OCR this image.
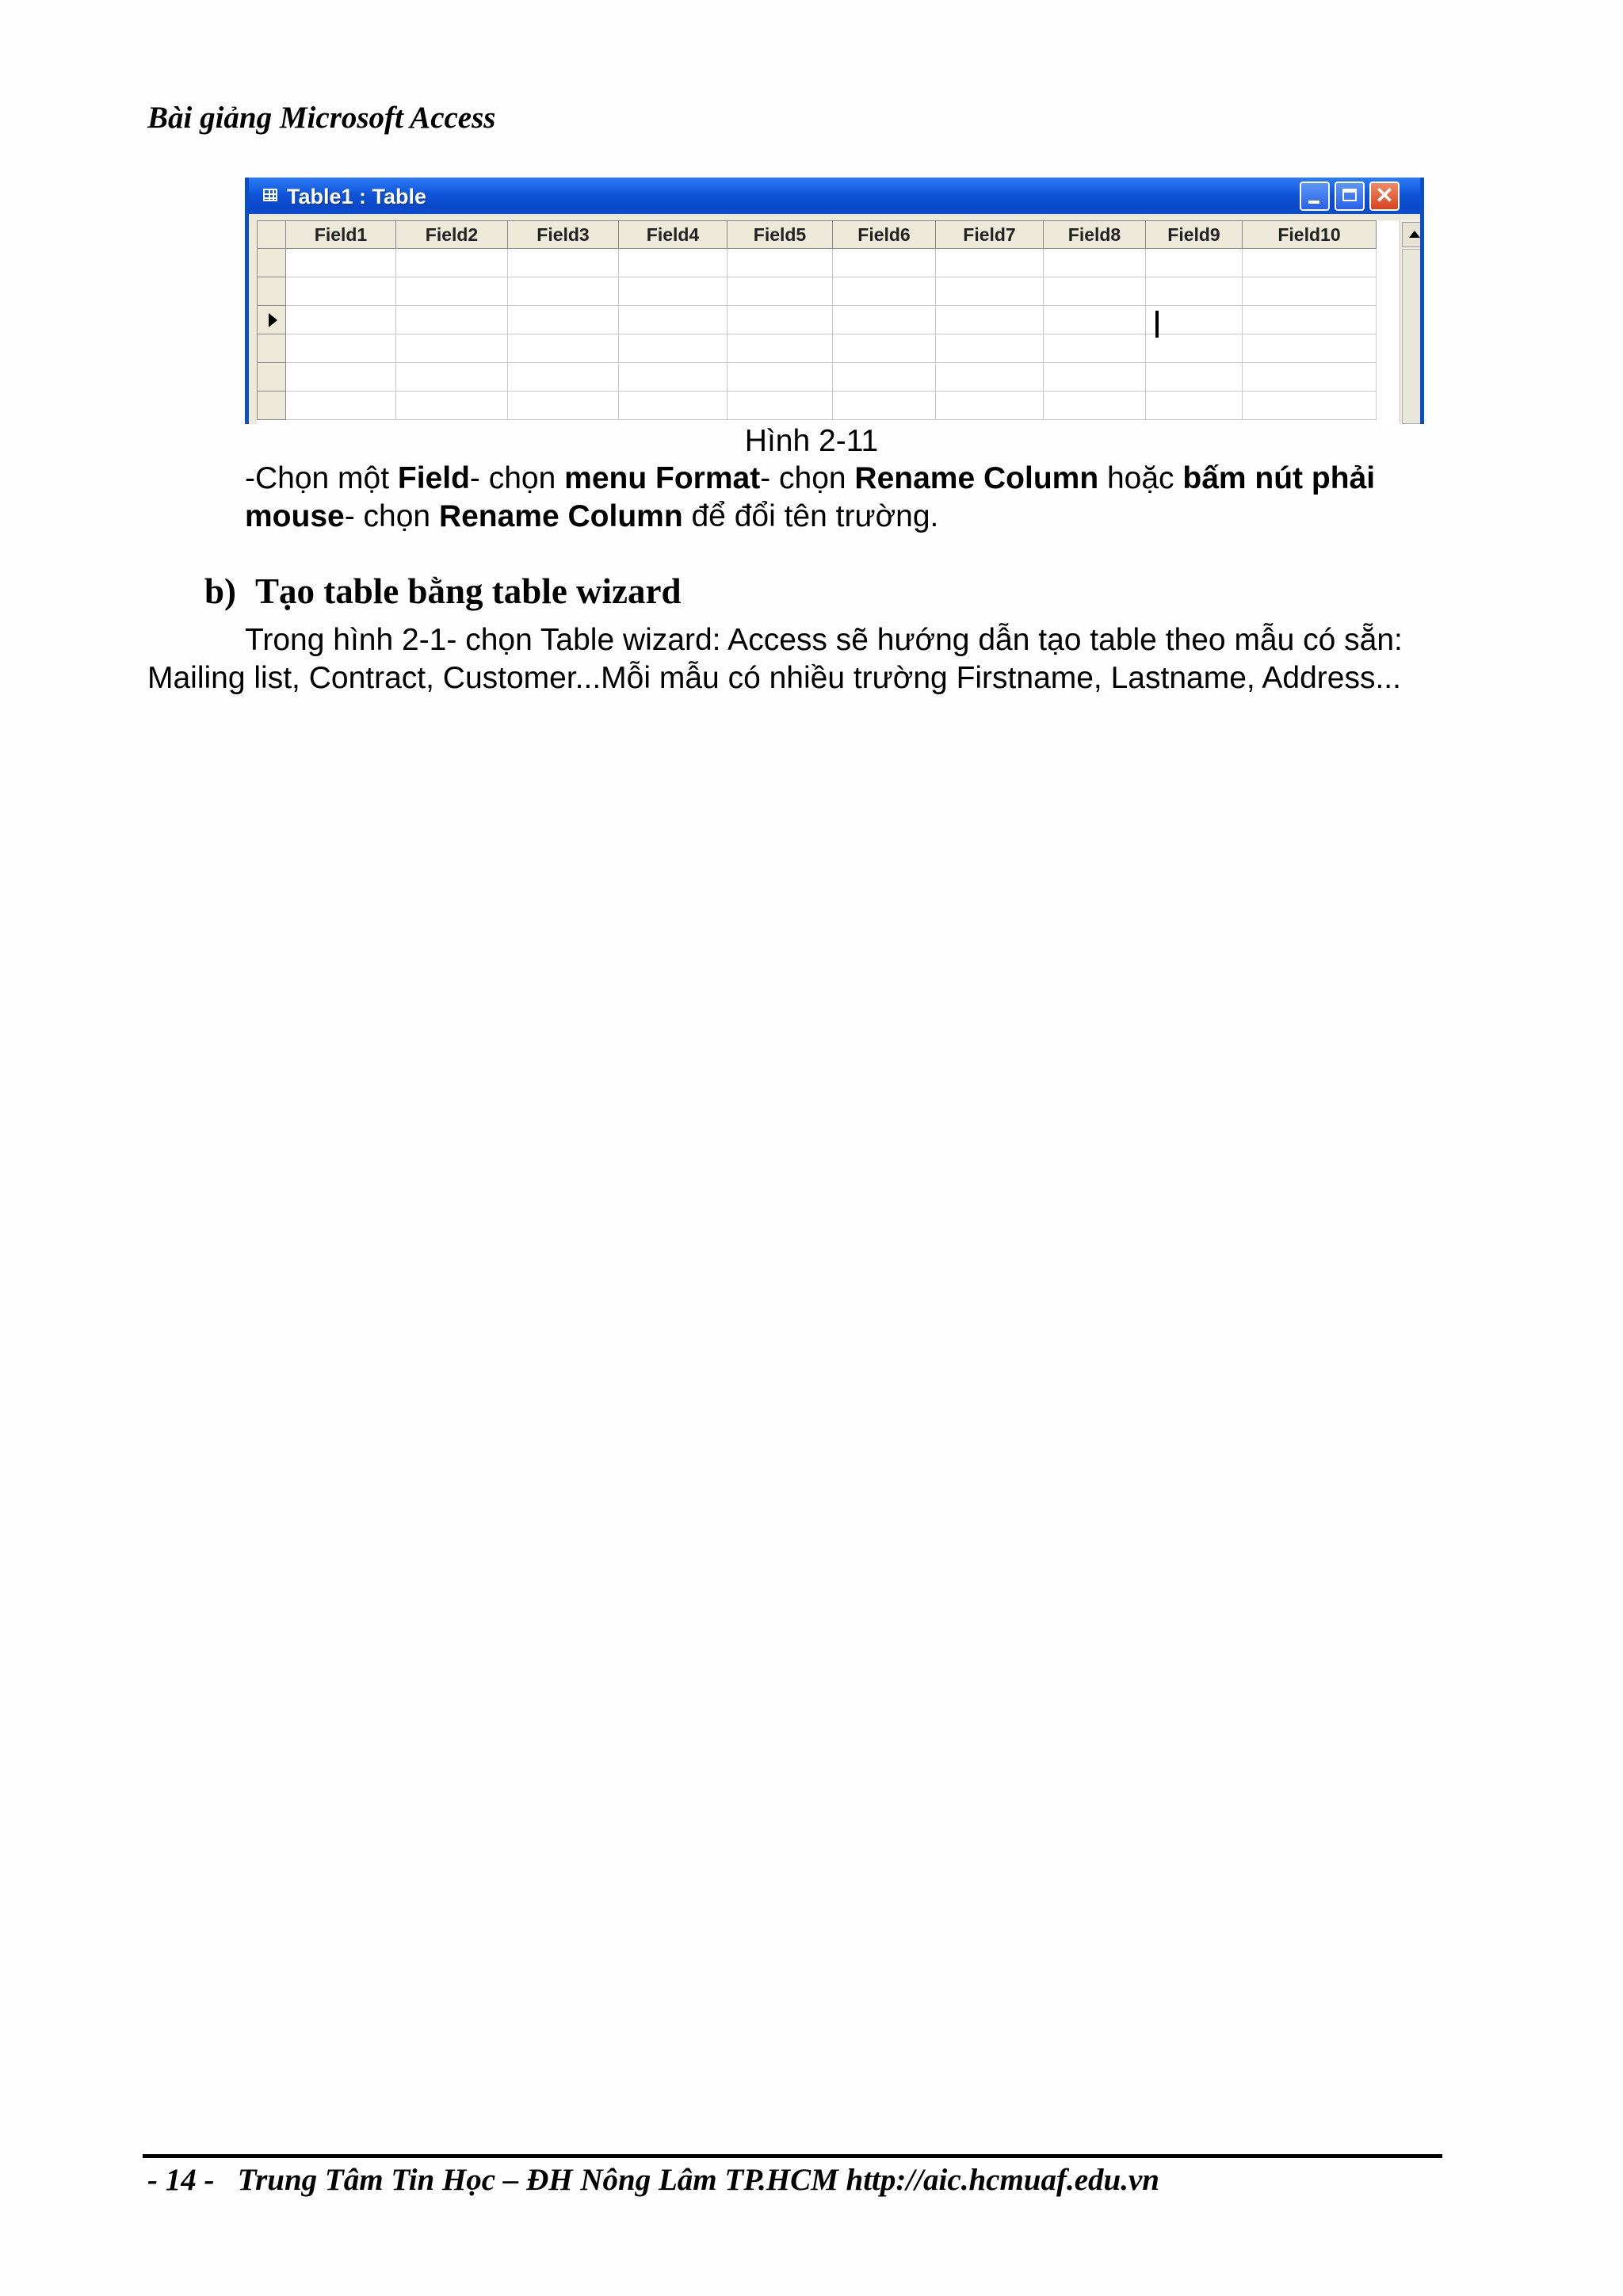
Bài giảng Microsoft Access
Table1 : Table	✕
	Field1	Field2	Field3	Field4	Field5	Field6	Field7	Field8	Field9	Field10

Hình 2-11
-Chọn một Field- chọn menu Format- chọn Rename Column hoặc bấm nút phải mouse- chọn Rename Column để đổi tên trường.
b) Tạo table bằng table wizard
Trong hình 2-1- chọn Table wizard: Access sẽ hướng dẫn tạo table theo mẫu có sẵn: Mailing list, Contract, Customer...Mỗi mẫu có nhiều trường Firstname, Lastname, Address...
- 14 - Trung Tâm Tin Học – ĐH Nông Lâm TP.HCM http://aic.hcmuaf.edu.vn
